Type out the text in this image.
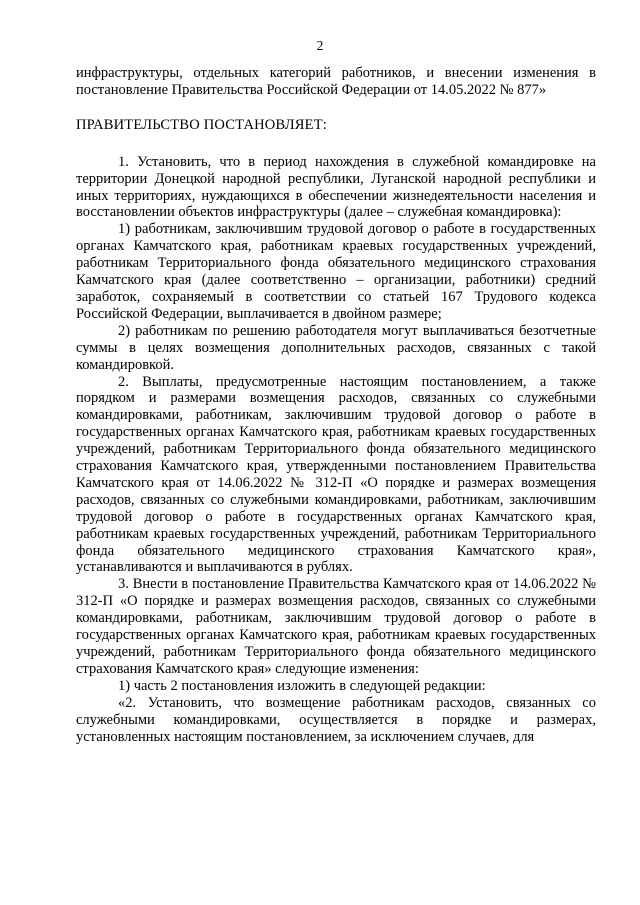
2

инфраструктуры, отдельных категорий работников, и внесении изменения в постановление Правительства Российской Федерации от 14.05.2022 № 877»

ПРАВИТЕЛЬСТВО ПОСТАНОВЛЯЕТ:

1. Установить, что в период нахождения в служебной командировке на территории Донецкой народной республики, Луганской народной республики и иных территориях, нуждающихся в обеспечении жизнедеятельности населения и восстановлении объектов инфраструктуры (далее – служебная командировка):

1) работникам, заключившим трудовой договор о работе в государственных органах Камчатского края, работникам краевых государственных учреждений, работникам Территориального фонда обязательного медицинского страхования Камчатского края (далее соответственно – организации, работники) средний заработок, сохраняемый в соответствии со статьей 167 Трудового кодекса Российской Федерации, выплачивается в двойном размере;

2) работникам по решению работодателя могут выплачиваться безотчетные суммы в целях возмещения дополнительных расходов, связанных с такой командировкой.

2. Выплаты, предусмотренные настоящим постановлением, а также порядком и размерами возмещения расходов, связанных со служебными командировками, работникам, заключившим трудовой договор о работе в государственных органах Камчатского края, работникам краевых государственных учреждений, работникам Территориального фонда обязательного медицинского страхования Камчатского края, утвержденными постановлением Правительства Камчатского края от 14.06.2022 № 312-П «О порядке и размерах возмещения расходов, связанных со служебными командировками, работникам, заключившим трудовой договор о работе в государственных органах Камчатского края, работникам краевых государственных учреждений, работникам Территориального фонда обязательного медицинского страхования Камчатского края», устанавливаются и выплачиваются в рублях.

3. Внести в постановление Правительства Камчатского края от 14.06.2022 № 312-П «О порядке и размерах возмещения расходов, связанных со служебными командировками, работникам, заключившим трудовой договор о работе в государственных органах Камчатского края, работникам краевых государственных учреждений, работникам Территориального фонда обязательного медицинского страхования Камчатского края» следующие изменения:

1) часть 2 постановления изложить в следующей редакции:

«2. Установить, что возмещение работникам расходов, связанных со служебными командировками, осуществляется в порядке и размерах, установленных настоящим постановлением, за исключением случаев, для
